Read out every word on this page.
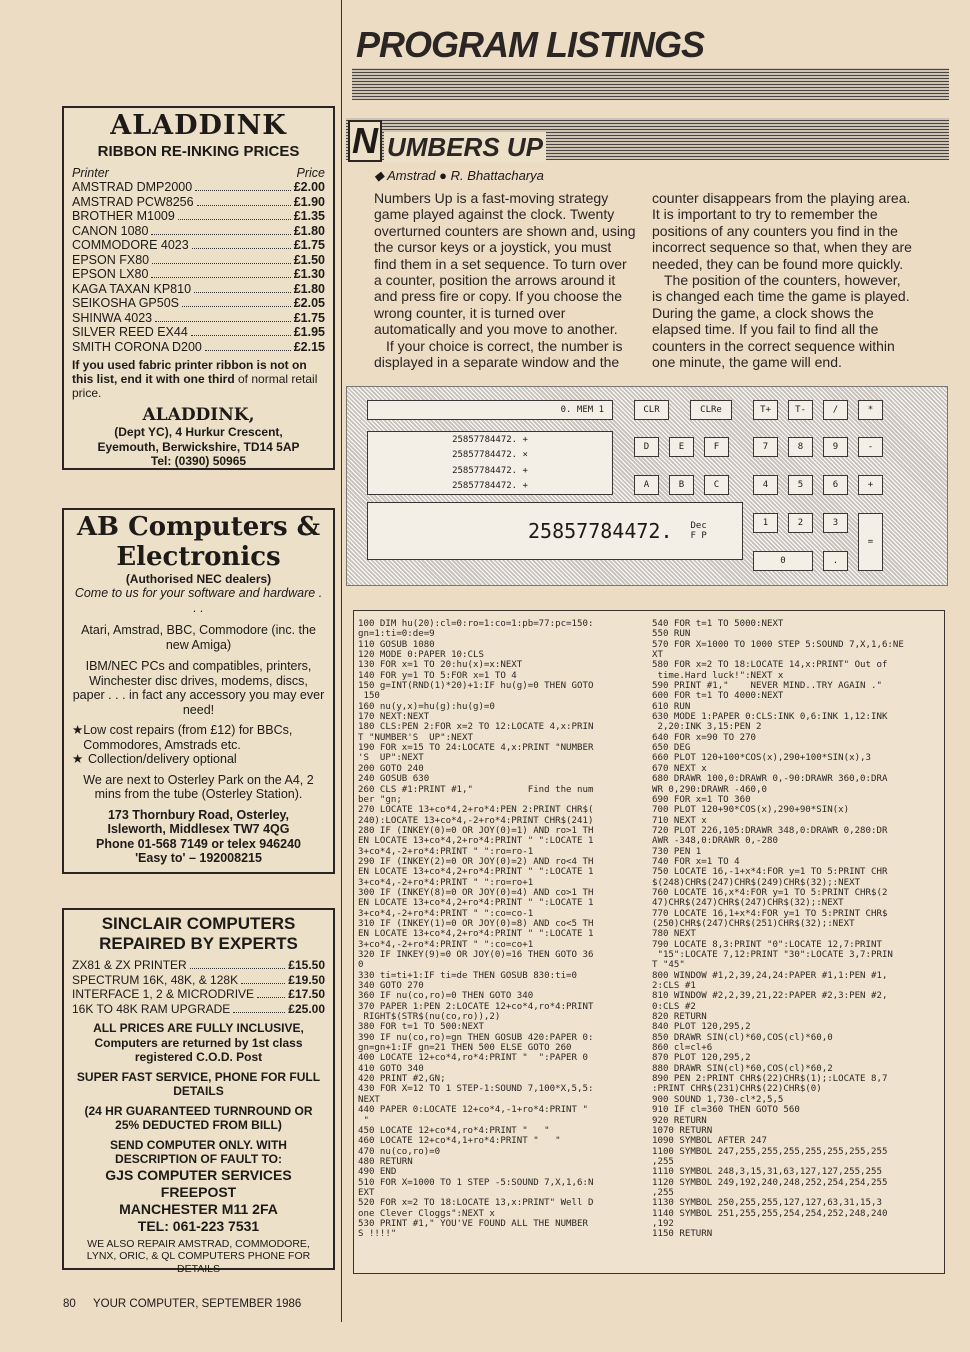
PROGRAM LISTINGS
N UMBERS UP
◆ Amstrad ● R. Bhattacharya

Numbers Up is a fast-moving strategy game played against the clock. Twenty overturned counters are shown and, using the cursor keys or a joystick, you must find them in a set sequence. To turn over a counter, position the arrows around it and press fire or copy. If you choose the wrong counter, it is turned over automatically and you move to another.

If your choice is correct, the number is displayed in a separate window and the

counter disappears from the playing area. It is important to try to remember the positions of any counters you find in the incorrect sequence so that, when they are needed, they can be found more quickly.

The position of the counters, however, is changed each time the game is played. During the game, a clock shows the elapsed time. If you fail to find all the counters in the correct sequence within one minute, the game will end.

0. MEM 1
25857784472. +
25857784472. ×
25857784472. +
25857784472. +
25857784472. Dec
F P
CLR	CLRe	T+	T-	/	*
D	E	F	7	8	9	-
A	B	C	4	5	6	+
1	2	3
=
0	.
100 DIM hu(20):cl=0:ro=1:co=1:pb=77:pc=150:
gn=1:ti=0:de=9
110 GOSUB 1080
120 MODE 0:PAPER 10:CLS
130 FOR x=1 TO 20:hu(x)=x:NEXT
140 FOR y=1 TO 5:FOR x=1 TO 4
150 g=INT(RND(1)*20)+1:IF hu(g)=0 THEN GOTO
150
160 nu(y,x)=hu(g):hu(g)=0
170 NEXT:NEXT
180 CLS:PEN 2:FOR x=2 TO 12:LOCATE 4,x:PRIN
T "NUMBER'S  UP":NEXT
190 FOR x=15 TO 24:LOCATE 4,x:PRINT "NUMBER
'S  UP":NEXT
200 GOTO 240
240 GOSUB 630
260 CLS #1:PRINT #1,"          Find the num
ber "gn;
270 LOCATE 13+co*4,2+ro*4:PEN 2:PRINT CHR$(
240):LOCATE 13+co*4,-2+ro*4:PRINT CHR$(241)
280 IF (INKEY(0)=0 OR JOY(0)=1) AND ro>1 TH
EN LOCATE 13+co*4,2+ro*4:PRINT " ":LOCATE 1
3+co*4,-2+ro*4:PRINT " ":ro=ro-1
290 IF (INKEY(2)=0 OR JOY(0)=2) AND ro<4 TH
EN LOCATE 13+co*4,2+ro*4:PRINT " ":LOCATE 1
3+co*4,-2+ro*4:PRINT " ":ro=ro+1
300 IF (INKEY(8)=0 OR JOY(0)=4) AND co>1 TH
EN LOCATE 13+co*4,2+ro*4:PRINT " ":LOCATE 1
3+co*4,-2+ro*4:PRINT " ":co=co-1
310 IF (INKEY(1)=0 OR JOY(0)=8) AND co<5 TH
EN LOCATE 13+co*4,2+ro*4:PRINT " ":LOCATE 1
3+co*4,-2+ro*4:PRINT " ":co=co+1
320 IF INKEY(9)=0 OR JOY(0)=16 THEN GOTO 36
0
330 ti=ti+1:IF ti=de THEN GOSUB 830:ti=0
340 GOTO 270
360 IF nu(co,ro)=0 THEN GOTO 340
370 PAPER 1:PEN 2:LOCATE 12+co*4,ro*4:PRINT
RIGHT$(STR$(nu(co,ro)),2)
380 FOR t=1 TO 500:NEXT
390 IF nu(co,ro)=gn THEN GOSUB 420:PAPER 0:
gn=gn+1:IF gn=21 THEN 500 ELSE GOTO 260
400 LOCATE 12+co*4,ro*4:PRINT "  ":PAPER 0
410 GOTO 340
420 PRINT #2,GN;
430 FOR X=12 TO 1 STEP-1:SOUND 7,100*X,5,5:
NEXT
440 PAPER 0:LOCATE 12+co*4,-1+ro*4:PRINT "
"
450 LOCATE 12+co*4,ro*4:PRINT "   "
460 LOCATE 12+co*4,1+ro*4:PRINT "   "
470 nu(co,ro)=0
480 RETURN
490 END
510 FOR X=1000 TO 1 STEP -5:SOUND 7,X,1,6:N
EXT
520 FOR x=2 TO 18:LOCATE 13,x:PRINT" Well D
one Clever Cloggs":NEXT x
530 PRINT #1," YOU'VE FOUND ALL THE NUMBER
S !!!!"
540 FOR t=1 TO 5000:NEXT
550 RUN
570 FOR X=1000 TO 1000 STEP 5:SOUND 7,X,1,6:NE
XT
580 FOR x=2 TO 18:LOCATE 14,x:PRINT" Out of
time.Hard luck!":NEXT x
590 PRINT #1,"    NEVER MIND..TRY AGAIN ."
600 FOR t=1 TO 4000:NEXT
610 RUN
630 MODE 1:PAPER 0:CLS:INK 0,6:INK 1,12:INK
2,20:INK 3,15:PEN 2
640 FOR x=90 TO 270
650 DEG
660 PLOT 120+100*COS(x),290+100*SIN(x),3
670 NEXT x
680 DRAWR 100,0:DRAWR 0,-90:DRAWR 360,0:DRA
WR 0,290:DRAWR -460,0
690 FOR x=1 TO 360
700 PLOT 120+90*COS(x),290+90*SIN(x)
710 NEXT x
720 PLOT 226,105:DRAWR 348,0:DRAWR 0,280:DR
AWR -348,0:DRAWR 0,-280
730 PEN 1
740 FOR x=1 TO 4
750 LOCATE 16,-1+x*4:FOR y=1 TO 5:PRINT CHR
$(248)CHR$(247)CHR$(249)CHR$(32);:NEXT
760 LOCATE 16,x*4:FOR y=1 TO 5:PRINT CHR$(2
47)CHR$(247)CHR$(247)CHR$(32);:NEXT
770 LOCATE 16,1+x*4:FOR y=1 TO 5:PRINT CHR$
(250)CHR$(247)CHR$(251)CHR$(32);:NEXT
780 NEXT
790 LOCATE 8,3:PRINT "0":LOCATE 12,7:PRINT
"15":LOCATE 7,12:PRINT "30":LOCATE 3,7:PRIN
T "45"
800 WINDOW #1,2,39,24,24:PAPER #1,1:PEN #1,
2:CLS #1
810 WINDOW #2,2,39,21,22:PAPER #2,3:PEN #2,
0:CLS #2
820 RETURN
840 PLOT 120,295,2
850 DRAWR SIN(cl)*60,COS(cl)*60,0
860 cl=cl+6
870 PLOT 120,295,2
880 DRAWR SIN(cl)*60,COS(cl)*60,2
890 PEN 2:PRINT CHR$(22)CHR$(1);:LOCATE 8,7
:PRINT CHR$(231)CHR$(22)CHR$(0)
900 SOUND 1,730-cl*2,5,5
910 IF cl=360 THEN GOTO 560
920 RETURN
1070 RETURN
1090 SYMBOL AFTER 247
1100 SYMBOL 247,255,255,255,255,255,255,255
,255
1110 SYMBOL 248,3,15,31,63,127,127,255,255
1120 SYMBOL 249,192,240,248,252,254,254,255
,255
1130 SYMBOL 250,255,255,127,127,63,31,15,3
1140 SYMBOL 251,255,255,254,254,252,248,240
,192
1150 RETURN
ALADDINK
RIBBON RE-INKING PRICES
Printer	Price
AMSTRAD DMP2000	£2.00
AMSTRAD PCW8256	£1.90
BROTHER M1009	£1.35
CANON 1080	£1.80
COMMODORE 4023	£1.75
EPSON FX80	£1.50
EPSON LX80	£1.30
KAGA TAXAN KP810	£1.80
SEIKOSHA GP50S	£2.05
SHINWA 4023	£1.75
SILVER REED EX44	£1.95
SMITH CORONA D200	£2.15
If you used fabric printer ribbon is not on this list, end it with one third of normal retail price.
ALADDINK,
(Dept YC), 4 Hurkur Crescent,
Eyemouth, Berwickshire, TD14 5AP
Tel: (0390) 50965
AB Computers & Electronics
(Authorised NEC dealers)
Come to us for your software and hardware . . .
Atari, Amstrad, BBC, Commodore (inc. the new Amiga)
IBM/NEC PCs and compatibles, printers, Winchester disc drives, modems, discs, paper . . . in fact any accessory you may ever need!
★ Low cost repairs (from £12) for BBCs, Commodores, Amstrads etc.
★ Collection/delivery optional
We are next to Osterley Park on the A4, 2 mins from the tube (Osterley Station).
173 Thornbury Road, Osterley,
Isleworth, Middlesex TW7 4QG
Phone 01-568 7149 or telex 946240
'Easy to' – 192008215
SINCLAIR COMPUTERS REPAIRED BY EXPERTS
ZX81 & ZX PRINTER	£15.50
SPECTRUM 16K, 48K, & 128K	£19.50
INTERFACE 1, 2 & MICRODRIVE	£17.50
16K TO 48K RAM UPGRADE	£25.00
ALL PRICES ARE FULLY INCLUSIVE, Computers are returned by 1st class registered C.O.D. Post
SUPER FAST SERVICE, PHONE FOR FULL DETAILS
(24 HR GUARANTEED TURNROUND OR 25% DEDUCTED FROM BILL)
SEND COMPUTER ONLY. WITH DESCRIPTION OF FAULT TO:
GJS COMPUTER SERVICES
FREEPOST
MANCHESTER M11 2FA
TEL: 061-223 7531
WE ALSO REPAIR AMSTRAD, COMMODORE, LYNX, ORIC, & QL COMPUTERS PHONE FOR DETAILS
80 YOUR COMPUTER, SEPTEMBER 1986
